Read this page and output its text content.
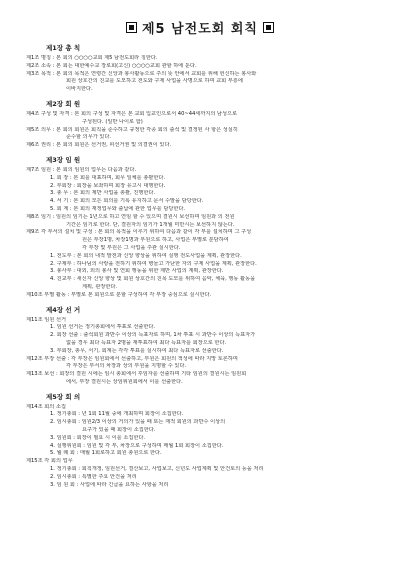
제5 남전도회 회칙
제1장 총 칙
제1조 명칭 : 본 회의 ○○○○교회 제5 남전도회라 칭한다.
제2조 소속 : 본 회는 대한예수교 장로회(고신) ○○○○교회 관할 하에 둔다.
제3조 목적 : 본 회의 목적은 연령간 신앙과 봉사활동으로 주의 뜻 안에서 교회를 위해 헌신하는 봉사와
회원 상호간의 친교를 도모하고 전도와 구제 사업을 사명으로 하며 교회 부흥에
이바지한다.
제2장 회 원
제4조 구성 및 자격 : 본 회의 구성 및 자격은 본 교회 입교인으로서 40~44세까지의 남성으로
구성된다. (일반 나이로 함)
제5조 의무 : 본 회의 회원은 회칙을 준수하고 규정한 각종 회의 출석 및 결정된 사 항은 성실히
준수할 의무가 있다.
제6조 권리 : 본 회의 회원은 선거권, 피선거권 및 의결권이 있다.
제3장 임 원
제7조 임원 : 본 회의 임원의 업무는 다음과 같다.
1. 회 장 : 본 회를 대표하며, 회무 일체를 총괄한다.
2. 부회장 : 회장을 보좌하며 회장 유고시 대행한다.
3. 총 무 : 본 회의 제반 사업을 총괄, 진행한다.
4. 서 기 : 본 회의 모든 회의를 기록 유지하고 문서 수발을 담당한다.
5. 회 계 : 본 회의 재정업무와 출납에 관한 업무를 담당한다.
제8조 임기 : 임원의 임기는 1년으로 하고 연임 할 수 있으며 결원시 보선하며 임원과 의 전원
기간은 임기로 한다. 단, 결원자의 임기가 1개월 미만시는 보선하지 않는다.
제9조 각 부서의 설치 및 구성 : 본 회의 목적을 이루기 위하여 다음과 같이 각 부를 설치하며 그 구성
원은 부장1명, 차장1명과 부원으로 하고, 사업은 부별로 분담하여
각 부장 및 부원은 그 사업을 주관 실시한다.
1. 전도부 : 본 회의 내적 발전과 신앙 향상을 위하여 실행 전도사업을 계획, 관장한다.
2. 구제부 : 하나님의 사랑을 전하기 위하여 병들고 가난한 자의 구제 사업을 계획, 관장한다.
3. 봉사부 : 대외, 외의 봉사 및 연회 행동을 위한 제반 사업의 계획, 관장한다.
4. 친교부 : 새신자 신앙 향상 및 회원 상호간의 친목 도모를 위하여 음악, 체육, 행동 활동을
계획, 관장한다.
제10조 부별 활동 : 부별로 본 회원으로 분할 구성하여 각 부장 중심으로 실시한다.
제4장 선 거
제11조 임원 선거
1. 임원 선거는 정기총회에서 투표로 선출한다.
2. 회장 선출 : 출석회원 과반수 이상의 득표자로 하며, 1차 투표 시 과반수 이상의 득표자가
없을 경우 최다 득표자 2명을 재투표하여 최다 득표자를 회장으로 한다.
3. 부회장, 총무, 서기, 회계는 각각 투표를 실시하여 최다 득표자로 선출한다.
제12조 부장 선출 : 각 부장은 임원회에서 선출하고, 부원은 회원의 적성에 따라 지망 토론하며
각 부장은 부서의 차장과 상의 부원을 지명할 수 있다.
제13조 보선 : 회장의 결원 시에는 임시 총회에서 후임자를 선출하며 기타 임원의 결원시는 임원회
에서, 부장 결원시는 상임위원회에서 이를 선출한다.
제5장 회 의
제14조 회의 소집
1. 정기총회 : 년 1회 11월 중에 개최하며 회장이 소집한다.
2. 임시총회 : 임원2/3 이상의 거의가 있을 때 또는 재적 회원의 과반수 이상의
요구가 있을 때 회장이 소집한다.
3. 임원회 : 회장이 필요 시 이를 소집한다.
4. 실행위원회 : 임원 및 각 부, 차장으로 구성하며 매월 1회 회장이 소집한다.
5. 월 례 회 : 매월 1회로하고 회원 총원으로 한다.
제15조 각 회의 업무
1. 정기총회 : 회칙개정, 임원선거, 결산보고, 사업보고, 신년도 사업계획 및 안건토의 등을 처리
2. 임시총회 : 특별한 주요 안건을 처리
3. 임 원 회 : 사업에 따라 긴급을 요하는 사항을 처리
